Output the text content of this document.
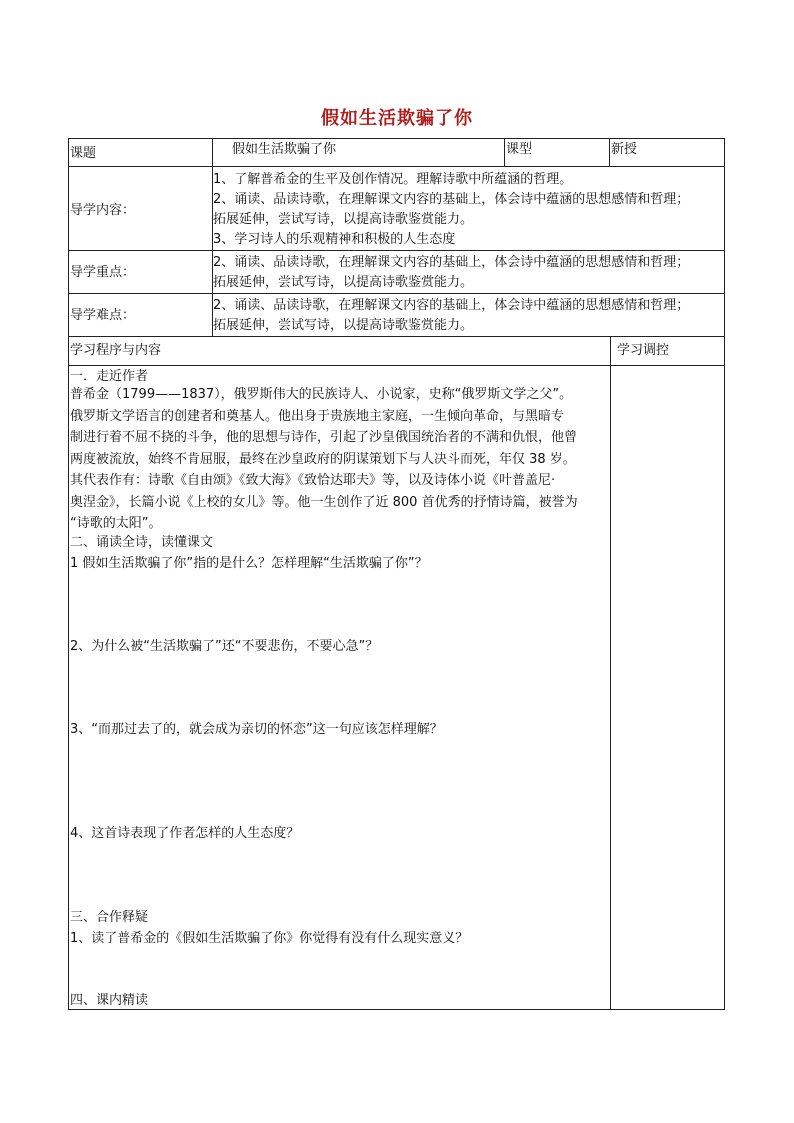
假如生活欺骗了你
课题	假如生活欺骗了你	课型	新授
导学内容：
1、了解普希金的生平及创作情况。理解诗歌中所蕴涵的哲理。
2、诵读、品读诗歌，在理解课文内容的基础上，体会诗中蕴涵的思想感情和哲理；
拓展延伸，尝试写诗，以提高诗歌鉴赏能力。
3、学习诗人的乐观精神和积极的人生态度
导学重点：
2、诵读、品读诗歌，在理解课文内容的基础上，体会诗中蕴涵的思想感情和哲理；
拓展延伸，尝试写诗，以提高诗歌鉴赏能力。
导学难点：
2、诵读、品读诗歌，在理解课文内容的基础上，体会诗中蕴涵的思想感情和哲理；
拓展延伸，尝试写诗，以提高诗歌鉴赏能力。
学习程序与内容	学习调控
一．走近作者
普希金（1799——1837），俄罗斯伟大的民族诗人、小说家，史称“俄罗斯文学之父”。
俄罗斯文学语言的创建者和奠基人。他出身于贵族地主家庭，一生倾向革命，与黑暗专
制进行着不屈不挠的斗争，他的思想与诗作，引起了沙皇俄国统治者的不满和仇恨，他曾
两度被流放，始终不肯屈服，最终在沙皇政府的阴谋策划下与人决斗而死，年仅 38 岁。
其代表作有：诗歌《自由颂》《致大海》《致恰达耶夫》等，以及诗体小说《叶普盖尼·
奥涅金》，长篇小说《上校的女儿》等。他一生创作了近 800 首优秀的抒情诗篇，被誉为
“诗歌的太阳”。
二、诵读全诗，读懂课文
1 假如生活欺骗了你”指的是什么？怎样理解“生活欺骗了你”？
2、为什么被“生活欺骗了”还“不要悲伤，不要心急”？
3、“而那过去了的，就会成为亲切的怀恋”这一句应该怎样理解？
4、这首诗表现了作者怎样的人生态度？
三、合作释疑
1、读了普希金的《假如生活欺骗了你》你觉得有没有什么现实意义？
四、课内精读
